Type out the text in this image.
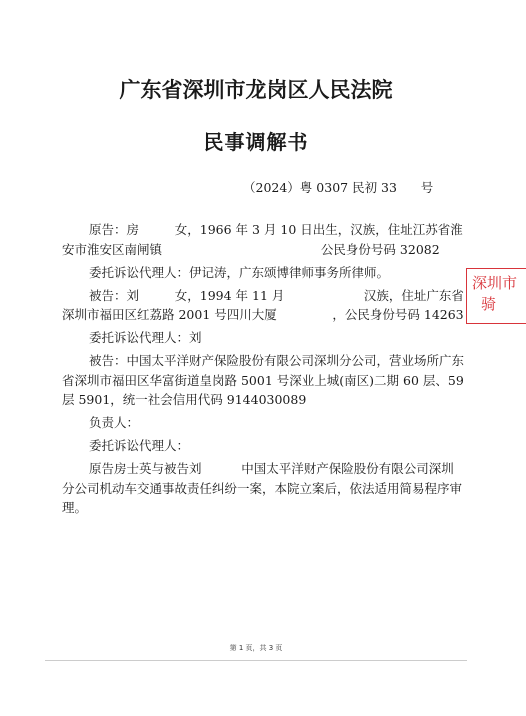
广东省深圳市龙岗区人民法院
民事调解书
（2024）粤 0307 民初 33      号

原告：房         女，1966 年 3 月 10 日出生，汉族，住址江苏省淮安市淮安区南闸镇                                        公民身份号码 32082

委托诉讼代理人：伊记涛，广东颂博律师事务所律师。

被告：刘         女，1994 年 11 月                    汉族，住址广东省深圳市福田区红荔路 2001 号四川大厦              ，公民身份号码 14263

委托诉讼代理人：刘

被告：中国太平洋财产保险股份有限公司深圳分公司，营业场所广东省深圳市福田区华富街道皇岗路 5001 号深业上城(南区)二期 60 层、59 层 5901，统一社会信用代码 9144030089

负责人：

委托诉讼代理人：

原告房士英与被告刘          中国太平洋财产保险股份有限公司深圳分公司机动车交通事故责任纠纷一案，本院立案后，依法适用简易程序审理。

深圳市
骑
第 1 页，共 3 页
